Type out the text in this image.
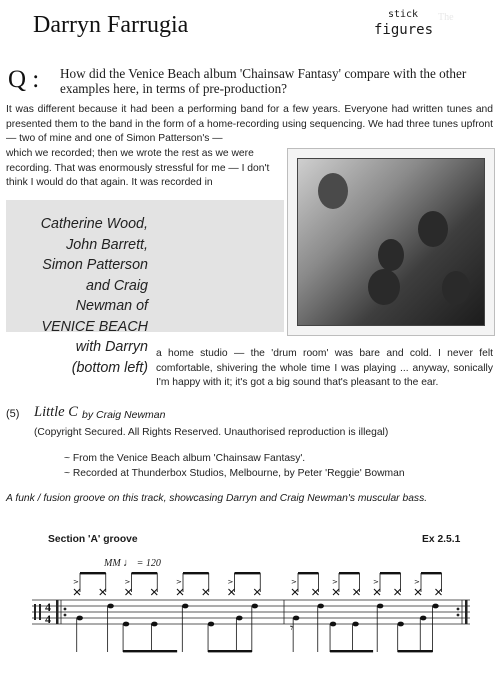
Darryn Farrugia	stick
figures
The
Q : How did the Venice Beach album 'Chainsaw Fantasy' compare with the other examples here, in terms of pre-production?
It was different because it had been a performing band for a few years. Everyone had written tunes and presented them to the band in the form of a home-recording using sequencing. We had three tunes upfront — two of mine and one of Simon Patterson's —
which we recorded; then we wrote the rest as we were recording. That was enormously stressful for me — I don't think I would do that again. It was recorded in
Catherine Wood,
John Barrett,
Simon Patterson
and Craig
Newman of
VENICE BEACH
with Darryn
(bottom left)
a home studio — the 'drum room' was bare and cold. I never felt comfortable, shivering the whole time I was playing ... anyway, sonically I'm happy with it; it's got a big sound that's pleasant to the ear.
(5) Little C by Craig Newman
(Copyright Secured. All Rights Reserved. Unauthorised reproduction is illegal)
~ From the Venice Beach album 'Chainsaw Fantasy'.
~ Recorded at Thunderbox Studios, Melbourne, by Peter 'Reggie' Bowman
A funk / fusion groove on this track, showcasing Darryn and Craig Newman's muscular bass.
Section 'A' groove	Ex 2.5.1
MM ♩ = 120
4
4
>	>	>	>	>	>	>	>
𝄾
